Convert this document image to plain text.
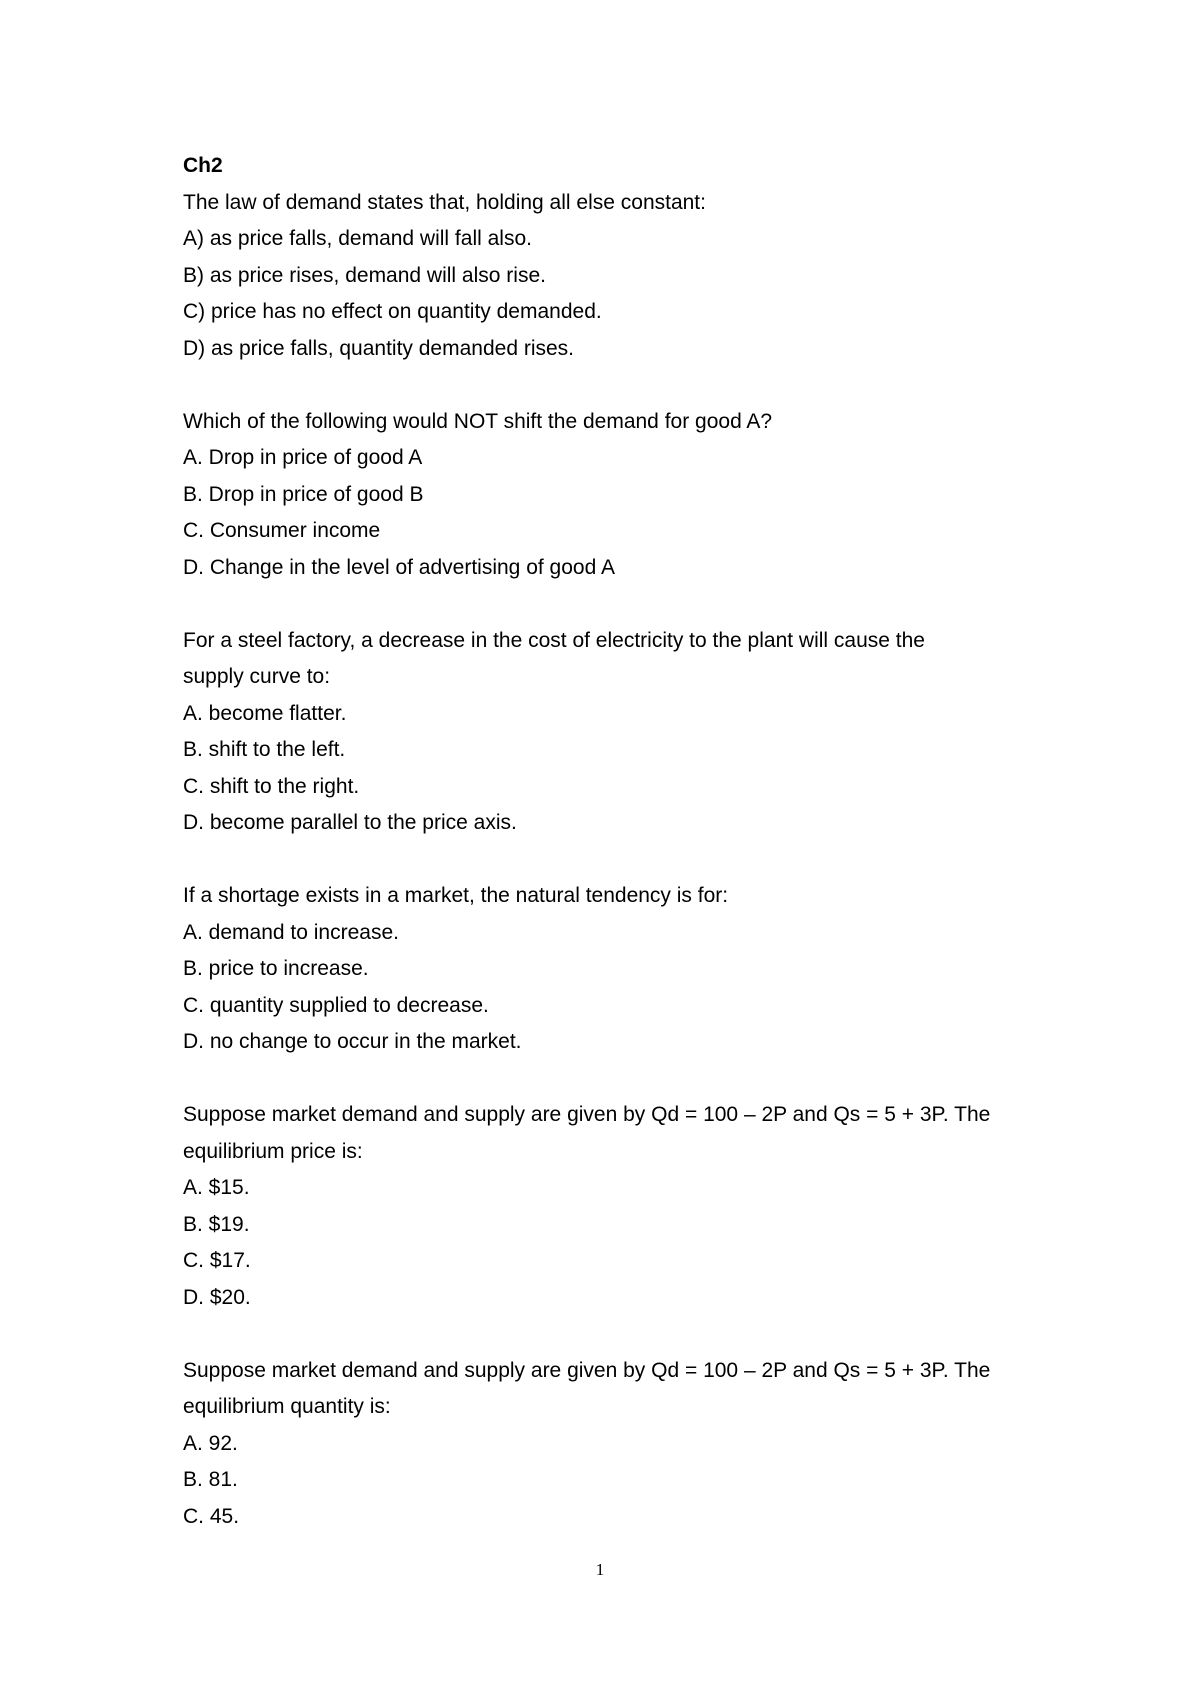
Ch2

The law of demand states that, holding all else constant:

A) as price falls, demand will fall also.

B) as price rises, demand will also rise.

C) price has no effect on quantity demanded.

D) as price falls, quantity demanded rises.

Which of the following would NOT shift the demand for good A?

A. Drop in price of good A

B. Drop in price of good B

C. Consumer income

D. Change in the level of advertising of good A

For a steel factory, a decrease in the cost of electricity to the plant will cause the

supply curve to:

A. become flatter.

B. shift to the left.

C. shift to the right.

D. become parallel to the price axis.

If a shortage exists in a market, the natural tendency is for:

A. demand to increase.

B. price to increase.

C. quantity supplied to decrease.

D. no change to occur in the market.

Suppose market demand and supply are given by Qd = 100 – 2P and Qs = 5 + 3P. The

equilibrium price is:

A. $15.

B. $19.

C. $17.

D. $20.

Suppose market demand and supply are given by Qd = 100 – 2P and Qs = 5 + 3P. The

equilibrium quantity is:

A. 92.

B. 81.

C. 45.

1
